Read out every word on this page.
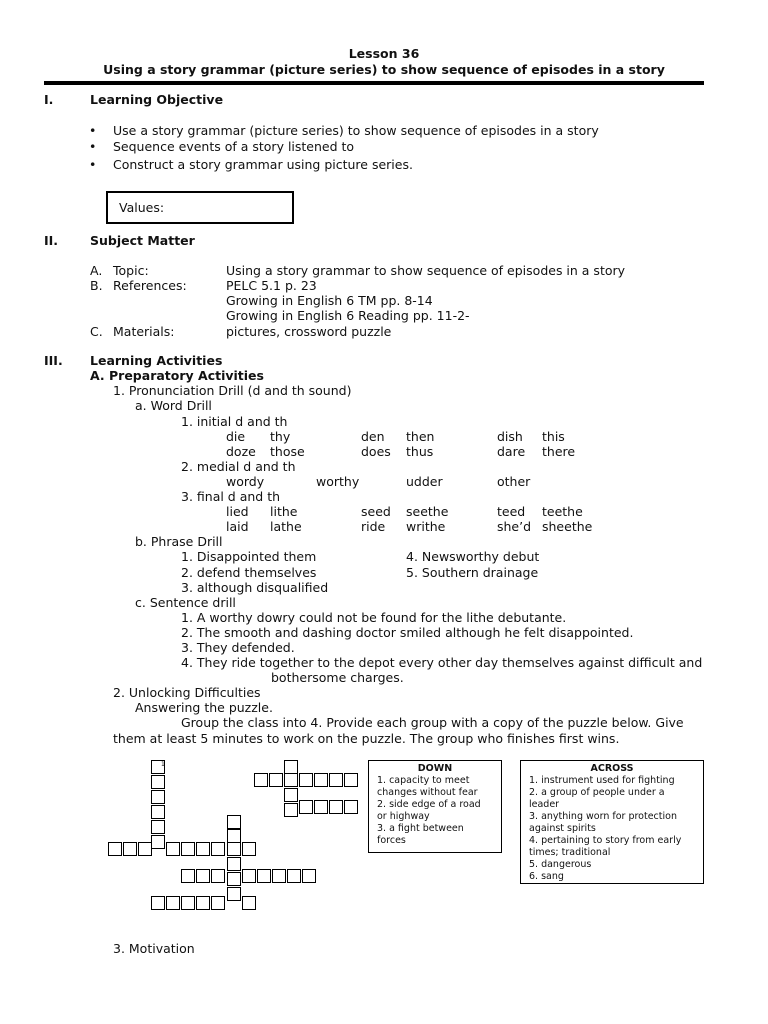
Lesson 36
Using a story grammar (picture series) to show sequence of episodes in a story
I.	Learning Objective
• Use a story grammar (picture series) to show sequence of episodes in a story
• Sequence events of a story listened to
• Construct a story grammar using picture series.
Values:
II.	Subject Matter
A. Topic:	Using a story grammar to show sequence of episodes in a story
B. References:	PELC 5.1 p. 23
Growing in English 6 TM pp. 8-14
Growing in English 6 Reading pp. 11-2-
C. Materials:	pictures, crossword puzzle
III. Learning Activities
A. Preparatory Activities
1. Pronunciation Drill (d and th sound)
a. Word Drill
1. initial d and th
die thy	den then	dish this
doze those	does thus	dare there
2. medial d and th
wordy	worthy	udder	other
3. final d and th
lied lithe	seed seethe	teed teethe
laid lathe	ride writhe	she’d sheethe
b. Phrase Drill
1. Disappointed them	4. Newsworthy debut
2. defend themselves	5. Southern drainage
3. although disqualified
c. Sentence drill
1. A worthy dowry could not be found for the lithe debutante.
2. The smooth and dashing doctor smiled although he felt disappointed.
3. They defended.
4. They ride together to the depot every other day themselves against difficult and
bothersome charges.
2. Unlocking Difficulties
Answering the puzzle.
Group the class into 4. Provide each group with a copy of the puzzle below. Give
them at least 5 minutes to work on the puzzle. The group who finishes first wins.
1	DOWN
1. capacity to meet changes without fear
2. side edge of a road or highway
3. a fight between forces
ACROSS
1. instrument used for fighting
2. a group of people under a leader
3. anything worn for protection against spirits
4. pertaining to story from early times; traditional
5. dangerous
6. sang
3. Motivation
